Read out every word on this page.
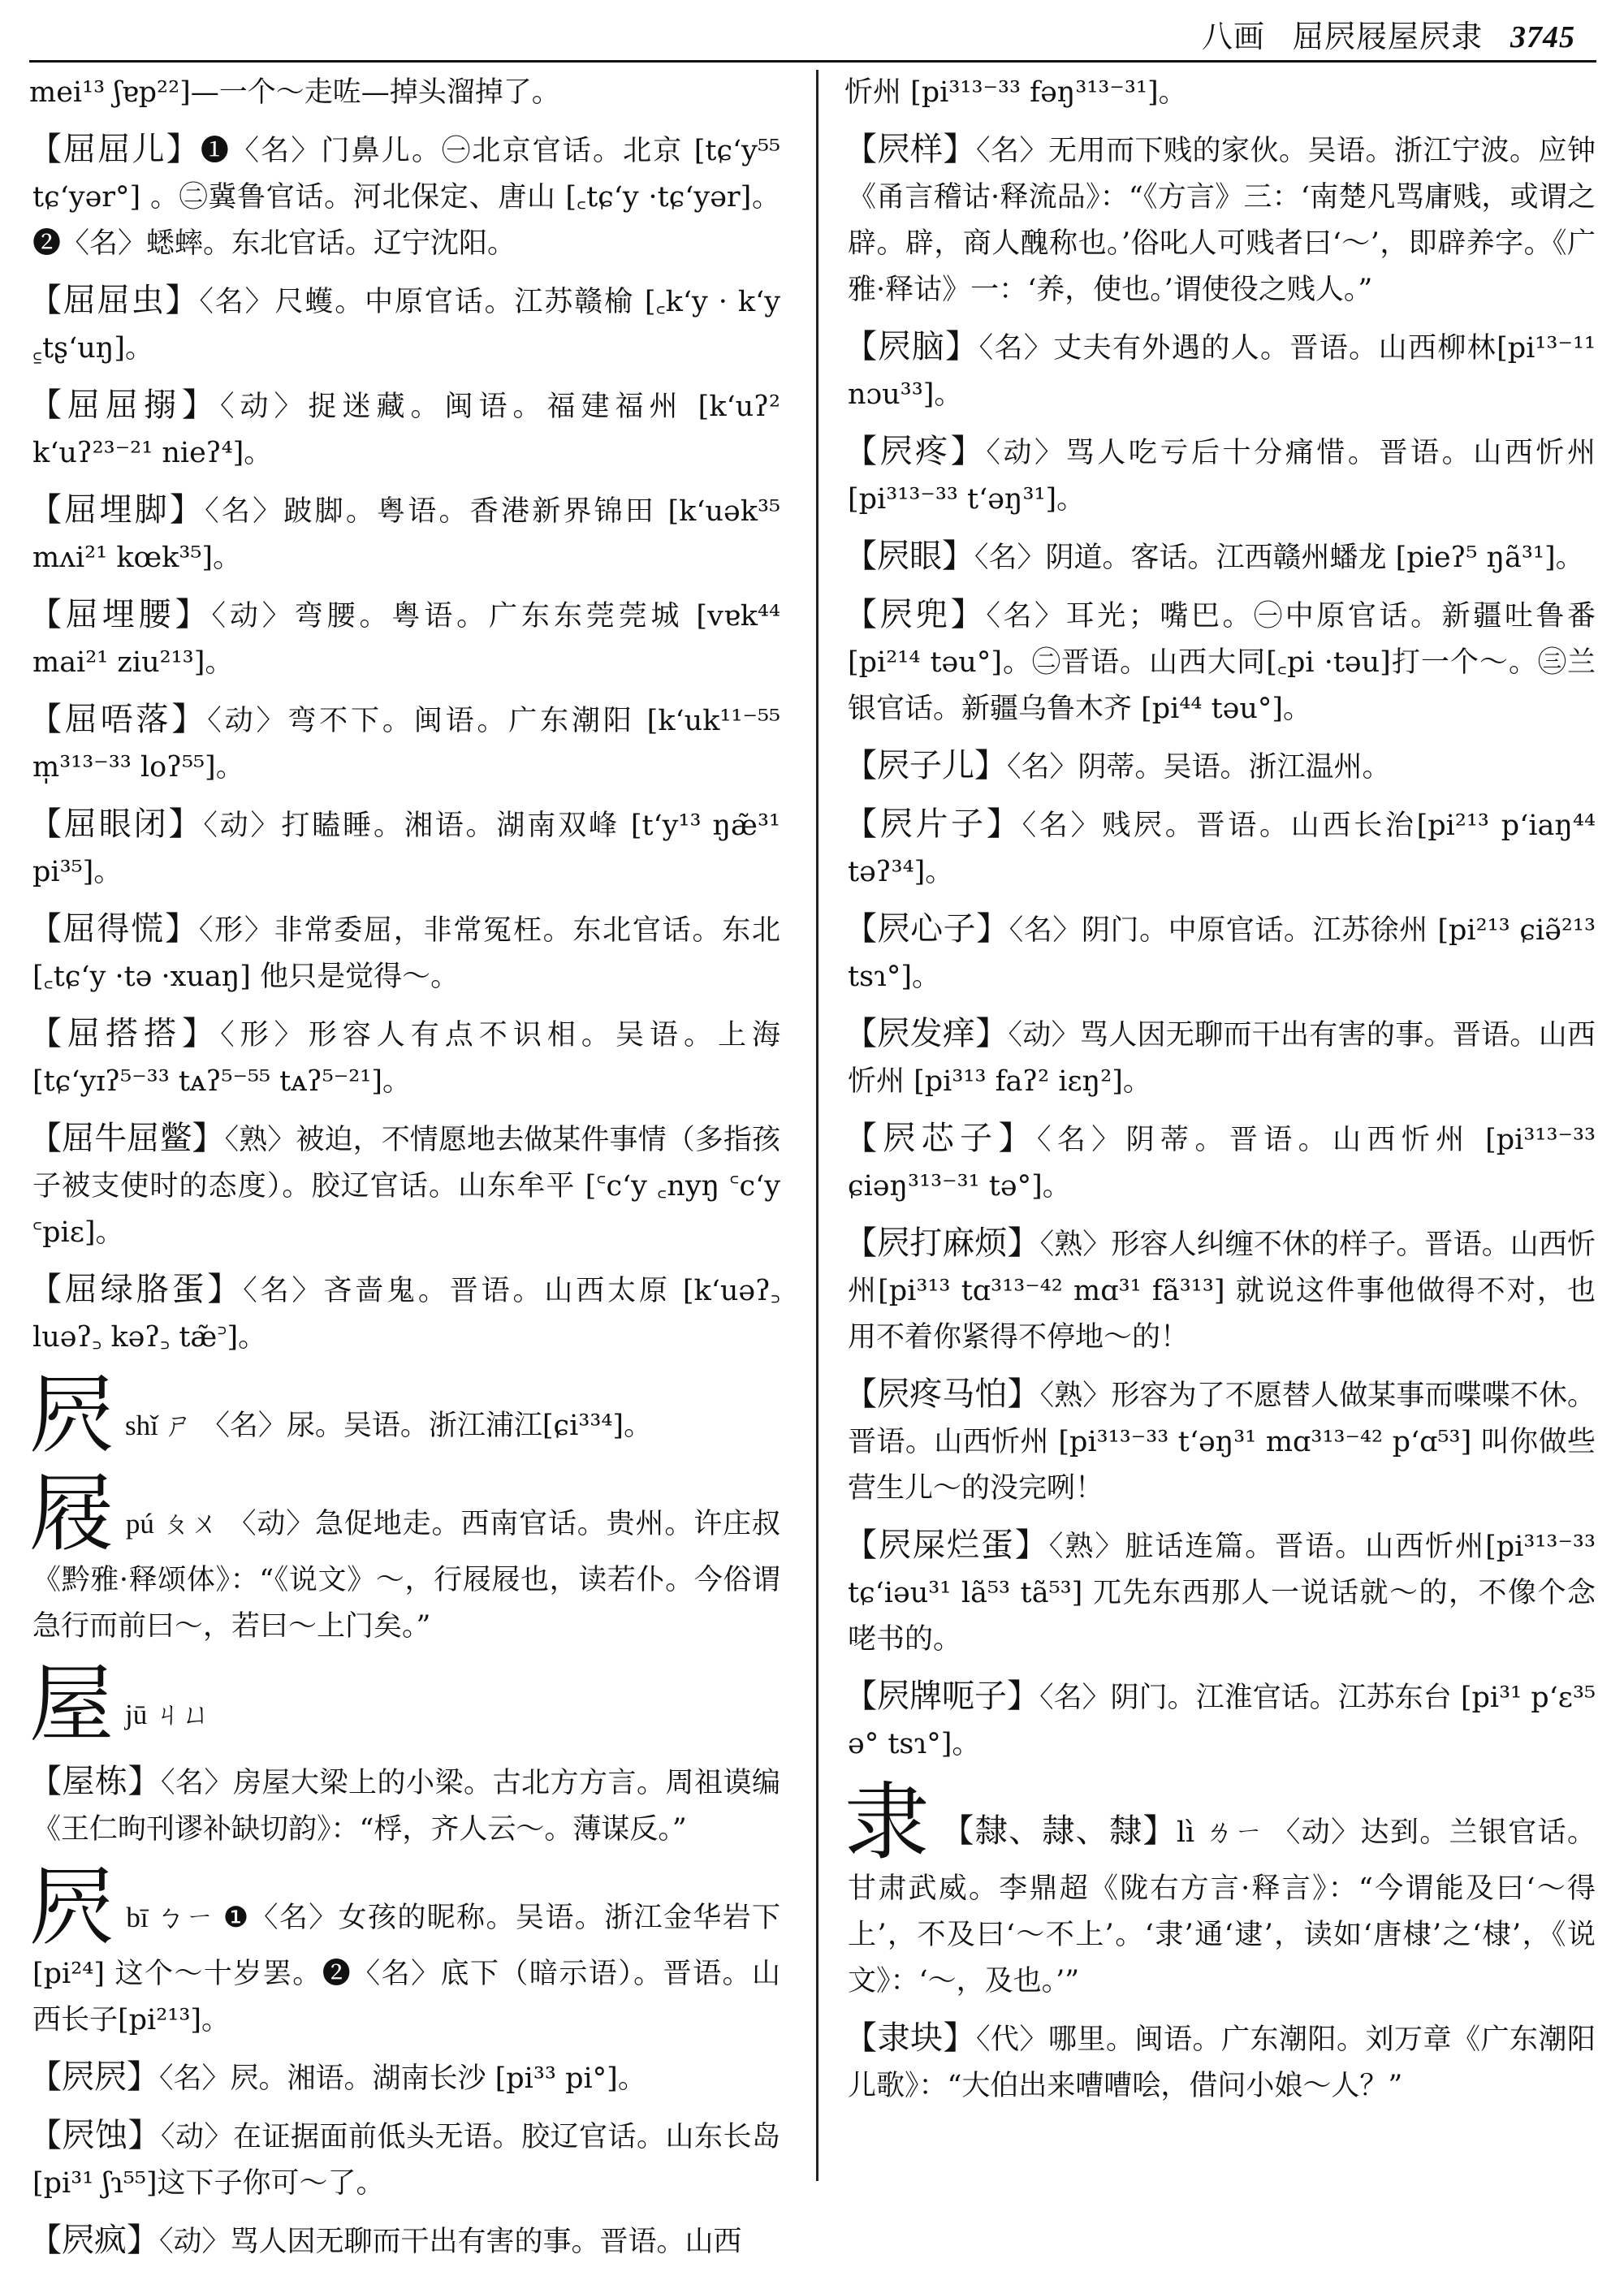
八画 屈屄屐屋屄隶 3745

mei¹³ ʃɐp²²]—一个～走咗—掉头溜掉了。

【屈屈儿】❶〈名〉门鼻儿。㊀北京官话。北京 [tɕʻy⁵⁵ tɕʻyər°] 。㊁冀鲁官话。河北保定、唐山 [꜀tɕʻy ·tɕʻyər]。❷〈名〉蟋蟀。东北官话。辽宁沈阳。

【屈屈虫】〈名〉尺蠖。中原官话。江苏赣榆 [꜀kʻy · kʻy ꜁tʂʻuŋ]。

【屈屈搦】〈动〉捉迷藏。闽语。福建福州 [kʻuʔ² kʻuʔ²³⁻²¹ nieʔ⁴]。

【屈埋脚】〈名〉跛脚。粤语。香港新界锦田 [kʻuək³⁵ mʌi²¹ kœk³⁵]。

【屈埋腰】〈动〉弯腰。粤语。广东东莞莞城 [vɐk⁴⁴ mai²¹ ziu²¹³]。

【屈唔落】〈动〉弯不下。闽语。广东潮阳 [kʻuk¹¹⁻⁵⁵ m̩³¹³⁻³³ loʔ⁵⁵]。

【屈眼闭】〈动〉打瞌睡。湘语。湖南双峰 [tʻy¹³ ŋæ̃³¹ pi³⁵]。

【屈得慌】〈形〉非常委屈，非常冤枉。东北官话。东北 [꜀tɕʻy ·tə ·xuaŋ] 他只是觉得～。

【屈搭搭】〈形〉形容人有点不识相。吴语。上海 [tɕʻyɪʔ⁵⁻³³ tᴀʔ⁵⁻⁵⁵ tᴀʔ⁵⁻²¹]。

【屈牛屈鳖】〈熟〉被迫，不情愿地去做某件事情（多指孩子被支使时的态度）。胶辽官话。山东牟平 [꜂cʻy ꜀nyŋ ꜂cʻy ꜂piɛ]。

【屈绿胳蛋】〈名〉吝啬鬼。晋语。山西太原 [kʻuəʔ꜆ luəʔ꜆ kəʔ꜆ tæ̃꜄]。

屄shǐ ㄕ 〈名〉尿。吴语。浙江浦江[ɕi³³⁴]。

屐pú ㄆㄨ 〈动〉急促地走。西南官话。贵州。许庄叔《黔雅·释颂体》：“《说文》～，行屐屐也，读若仆。今俗谓急行而前曰～，若曰～上门矣。”

屋jū ㄐㄩ

【屋栋】〈名〉房屋大梁上的小梁。古北方方言。周祖谟编《王仁昫刊谬补缺切韵》：“桴，齐人云～。薄谋反。”

屄bī ㄅㄧ ❶〈名〉女孩的昵称。吴语。浙江金华岩下 [pi²⁴] 这个～十岁罢。❷〈名〉底下（暗示语）。晋语。山西长子[pi²¹³]。

【屄屄】〈名〉屄。湘语。湖南长沙 [pi³³ pi°]。

【屄蚀】〈动〉在证据面前低头无语。胶辽官话。山东长岛[pi³¹ ʃɿ⁵⁵]这下子你可～了。

【屄疯】〈动〉骂人因无聊而干出有害的事。晋语。山西

忻州 [pi³¹³⁻³³ fəŋ³¹³⁻³¹]。

【屄样】〈名〉无用而下贱的家伙。吴语。浙江宁波。应钟《甬言稽诂·释流品》：“《方言》三：‘南楚凡骂庸贱，或谓之辟。辟，商人醜称也。’俗叱人可贱者曰‘～’，即辟养字。《广雅·释诂》一：‘养，使也。’谓使役之贱人。”

【屄脑】〈名〉丈夫有外遇的人。晋语。山西柳林[pi¹³⁻¹¹ nɔu³³]。

【屄疼】〈动〉骂人吃亏后十分痛惜。晋语。山西忻州 [pi³¹³⁻³³ tʻəŋ³¹]。

【屄眼】〈名〉阴道。客话。江西赣州蟠龙 [pieʔ⁵ ŋã³¹]。

【屄兜】〈名〉耳光；嘴巴。㊀中原官话。新疆吐鲁番 [pi²¹⁴ təu°]。㊁晋语。山西大同[꜀pi ·təu]打一个～。㊂兰银官话。新疆乌鲁木齐 [pi⁴⁴ təu°]。

【屄子儿】〈名〉阴蒂。吴语。浙江温州。

【屄片子】〈名〉贱屄。晋语。山西长治[pi²¹³ pʻiaŋ⁴⁴ təʔ³⁴]。

【屄心子】〈名〉阴门。中原官话。江苏徐州 [pi²¹³ ɕiə̃²¹³ tsɿ°]。

【屄发痒】〈动〉骂人因无聊而干出有害的事。晋语。山西忻州 [pi³¹³ faʔ² iɛŋ²]。

【屄芯子】〈名〉阴蒂。晋语。山西忻州 [pi³¹³⁻³³ ɕiəŋ³¹³⁻³¹ tə°]。

【屄打麻烦】〈熟〉形容人纠缠不休的样子。晋语。山西忻州[pi³¹³ tɑ³¹³⁻⁴² mɑ³¹ fã³¹³] 就说这件事他做得不对，也用不着你紧得不停地～的！

【屄疼马怕】〈熟〉形容为了不愿替人做某事而喋喋不休。晋语。山西忻州 [pi³¹³⁻³³ tʻəŋ³¹ mɑ³¹³⁻⁴² pʻɑ⁵³] 叫你做些营生儿～的没完咧！

【屄屎烂蛋】〈熟〉脏话连篇。晋语。山西忻州[pi³¹³⁻³³ tɕʻiəu³¹ lã⁵³ tã⁵³] 兀先东西那人一说话就～的，不像个念咾书的。

【屄牌呃子】〈名〉阴门。江淮官话。江苏东台 [pi³¹ pʻɛ³⁵ ə° tsɿ°]。

隶 【隸、隷、隸】lì ㄌㄧ 〈动〉达到。兰银官话。甘肃武威。李鼎超《陇右方言·释言》：“今谓能及曰‘～得上’，不及曰‘～不上’。‘隶’通‘逮’，读如‘唐棣’之‘棣’，《说文》：‘～，及也。’”

【隶块】〈代〉哪里。闽语。广东潮阳。刘万章《广东潮阳儿歌》：“大伯出来嘈嘈哙，借问小娘～人？”
